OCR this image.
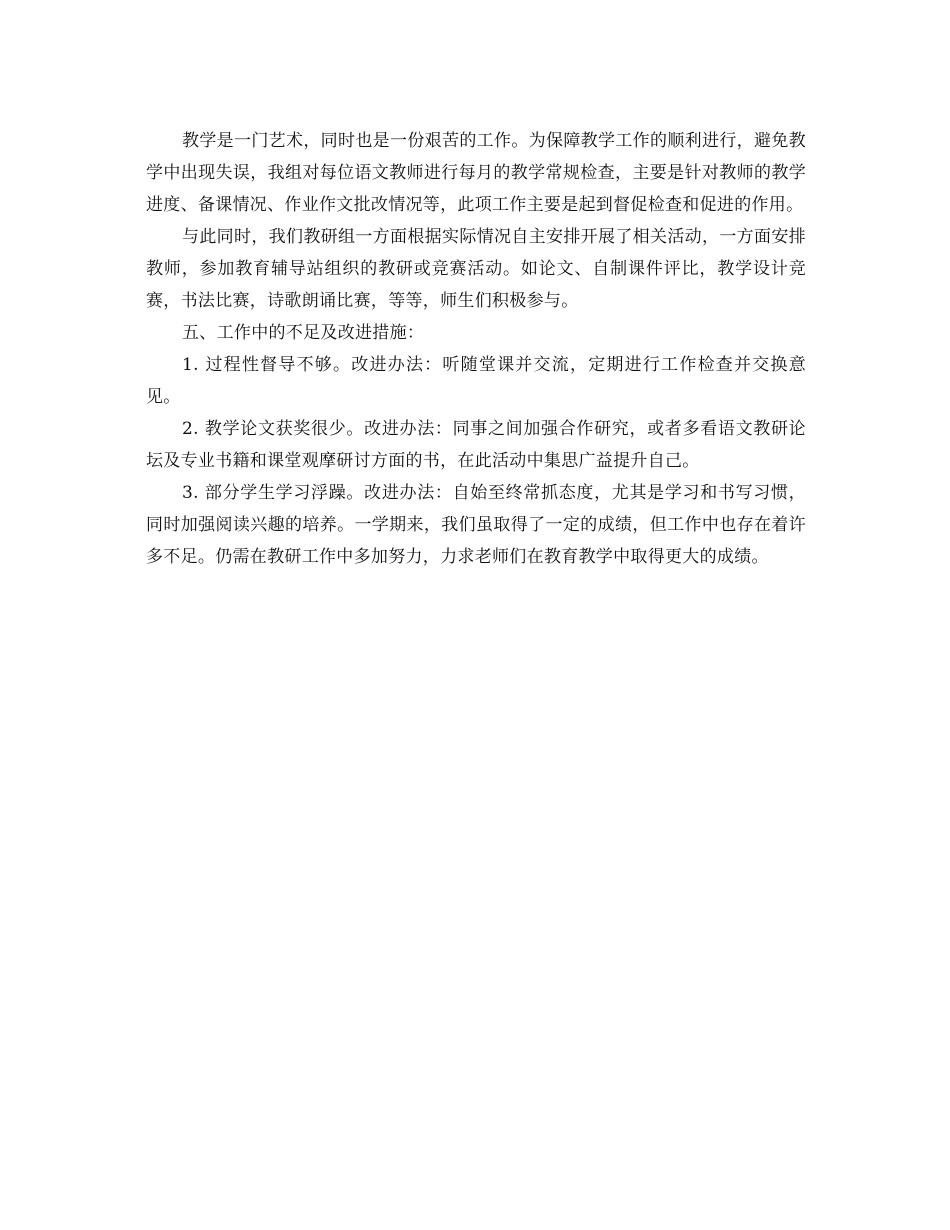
教学是一门艺术，同时也是一份艰苦的工作。为保障教学工作的顺利进行，避免教学中出现失误，我组对每位语文教师进行每月的教学常规检查，主要是针对教师的教学进度、备课情况、作业作文批改情况等，此项工作主要是起到督促检查和促进的作用。

与此同时，我们教研组一方面根据实际情况自主安排开展了相关活动，一方面安排教师，参加教育辅导站组织的教研或竞赛活动。如论文、自制课件评比，教学设计竞赛，书法比赛，诗歌朗诵比赛，等等，师生们积极参与。

五、工作中的不足及改进措施：

1. 过程性督导不够。改进办法：听随堂课并交流，定期进行工作检查并交换意见。

2. 教学论文获奖很少。改进办法：同事之间加强合作研究，或者多看语文教研论坛及专业书籍和课堂观摩研讨方面的书，在此活动中集思广益提升自己。

3. 部分学生学习浮躁。改进办法：自始至终常抓态度，尤其是学习和书写习惯，同时加强阅读兴趣的培养。一学期来，我们虽取得了一定的成绩，但工作中也存在着许多不足。仍需在教研工作中多加努力，力求老师们在教育教学中取得更大的成绩。
